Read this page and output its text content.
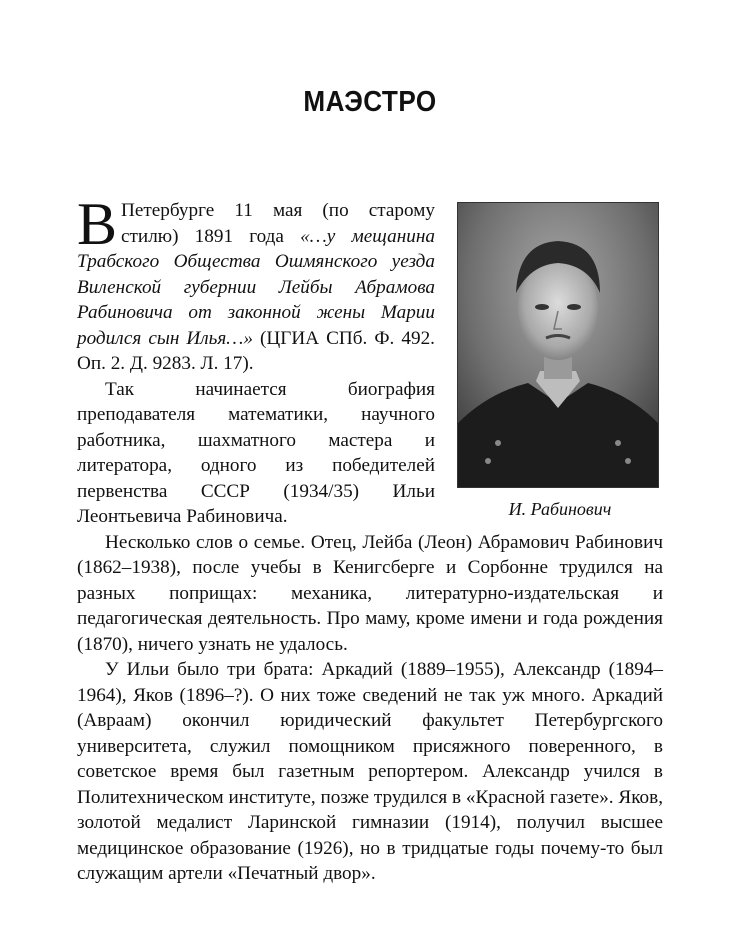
МАЭСТРО
И. Рабинович

В Петербурге 11 мая (по старому стилю) 1891 года «…у мещанина Трабского Общества Ошмянского уезда Виленской губернии Лейбы Абрамова Рабиновича от законной жены Марии родился сын Илья…» (ЦГИА СПб. Ф. 492. Оп. 2. Д. 9283. Л. 17).

Так начинается биография преподавателя математики, научного работника, шахматного мастера и литератора, одного из победителей первенства СССР (1934/35) Ильи Леонтьевича Рабиновича.

Несколько слов о семье. Отец, Лейба (Леон) Абрамович Рабинович (1862–1938), после учебы в Кенигсберге и Сорбонне трудился на разных поприщах: механика, литературно-издательская и педагогическая деятельность. Про маму, кроме имени и года рождения (1870), ничего узнать не удалось.

У Ильи было три брата: Аркадий (1889–1955), Александр (1894–1964), Яков (1896–?). О них тоже сведений не так уж много. Аркадий (Авраам) окончил юридический факультет Петербургского университета, служил помощником присяжного поверенного, в советское время был газетным репортером. Александр учился в Политехническом институте, позже трудился в «Красной газете». Яков, золотой медалист Ларинской гимназии (1914), получил высшее медицинское образование (1926), но в тридцатые годы почему-то был служащим артели «Печатный двор».
